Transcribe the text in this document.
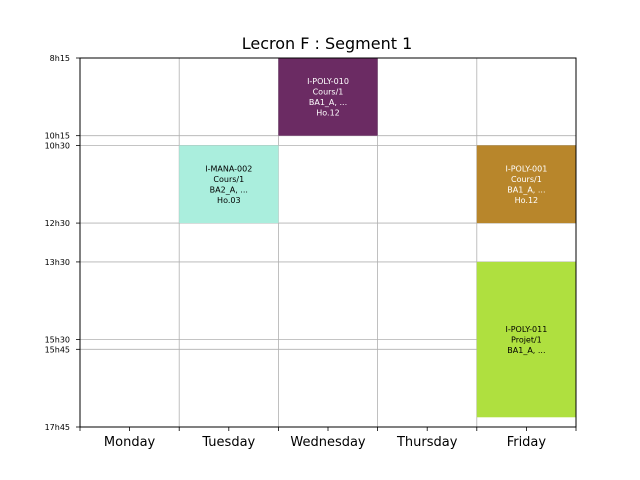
Lecron F : Segment 1
I-POLY-010
Cours/1
BA1_A, ...
Ho.12
I-MANA-002
Cours/1
BA2_A, ...
Ho.03
I-POLY-001
Cours/1
BA1_A, ...
Ho.12
I-POLY-011
Projet/1
BA1_A, ...
8h15
10h15
10h30
12h30
13h30
15h30
15h45
17h45
Monday	Tuesday	Wednesday Thursday	Friday
